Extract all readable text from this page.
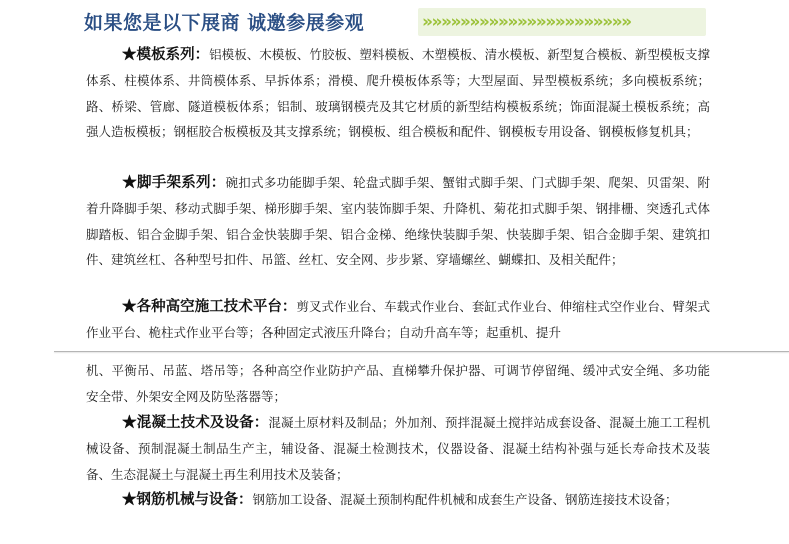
如果您是以下展商 诚邀参展参观	»»»»»»»»»»»»»»»»»»»»»»
★模板系列：铝模板、木模板、竹胶板、塑料模板、木塑模板、清水模板、新型复合模板、新型模板支撑体系、柱模体系、井筒模体系、早拆体系；滑模、爬升模板体系等；大型屋面、异型模板系统；多向模板系统；路、桥梁、管廊、隧道模板体系；铝制、玻璃钢模壳及其它材质的新型结构模板系统；饰面混凝土模板系统；高强人造板模板；钢框胶合板模板及其支撑系统；钢模板、组合模板和配件、钢模板专用设备、钢模板修复机具；
★脚手架系列：碗扣式多功能脚手架、轮盘式脚手架、蟹钳式脚手架、门式脚手架、爬架、贝雷架、附着升降脚手架、移动式脚手架、梯形脚手架、室内装饰脚手架、升降机、菊花扣式脚手架、钢排栅、突透孔式体脚踏板、铝合金脚手架、铝合金快装脚手架、铝合金梯、绝缘快装脚手架、快装脚手架、铝合金脚手架、建筑扣件、建筑丝杠、各种型号扣件、吊篮、丝杠、安全网、步步紧、穿墙螺丝、蝴蝶扣、及相关配件；
★各种高空施工技术平台：剪叉式作业台、车载式作业台、套缸式作业台、伸缩柱式空作业台、臂架式作业平台、桅柱式作业平台等；各种固定式液压升降台；自动升高车等；起重机、提升
机、平衡吊、吊蓝、塔吊等；各种高空作业防护产品、直梯攀升保护器、可调节停留绳、缓冲式安全绳、多功能安全带、外架安全网及防坠落器等；
★混凝土技术及设备：混凝土原材料及制品；外加剂、预拌混凝土搅拌站成套设备、混凝土施工工程机械设备、预制混凝土制品生产主，辅设备、混凝土检测技术，仪器设备、混凝土结构补强与延长寿命技术及装备、生态混凝土与混凝土再生利用技术及装备；
★钢筋机械与设备：钢筋加工设备、混凝土预制构配件机械和成套生产设备、钢筋连接技术设备；
